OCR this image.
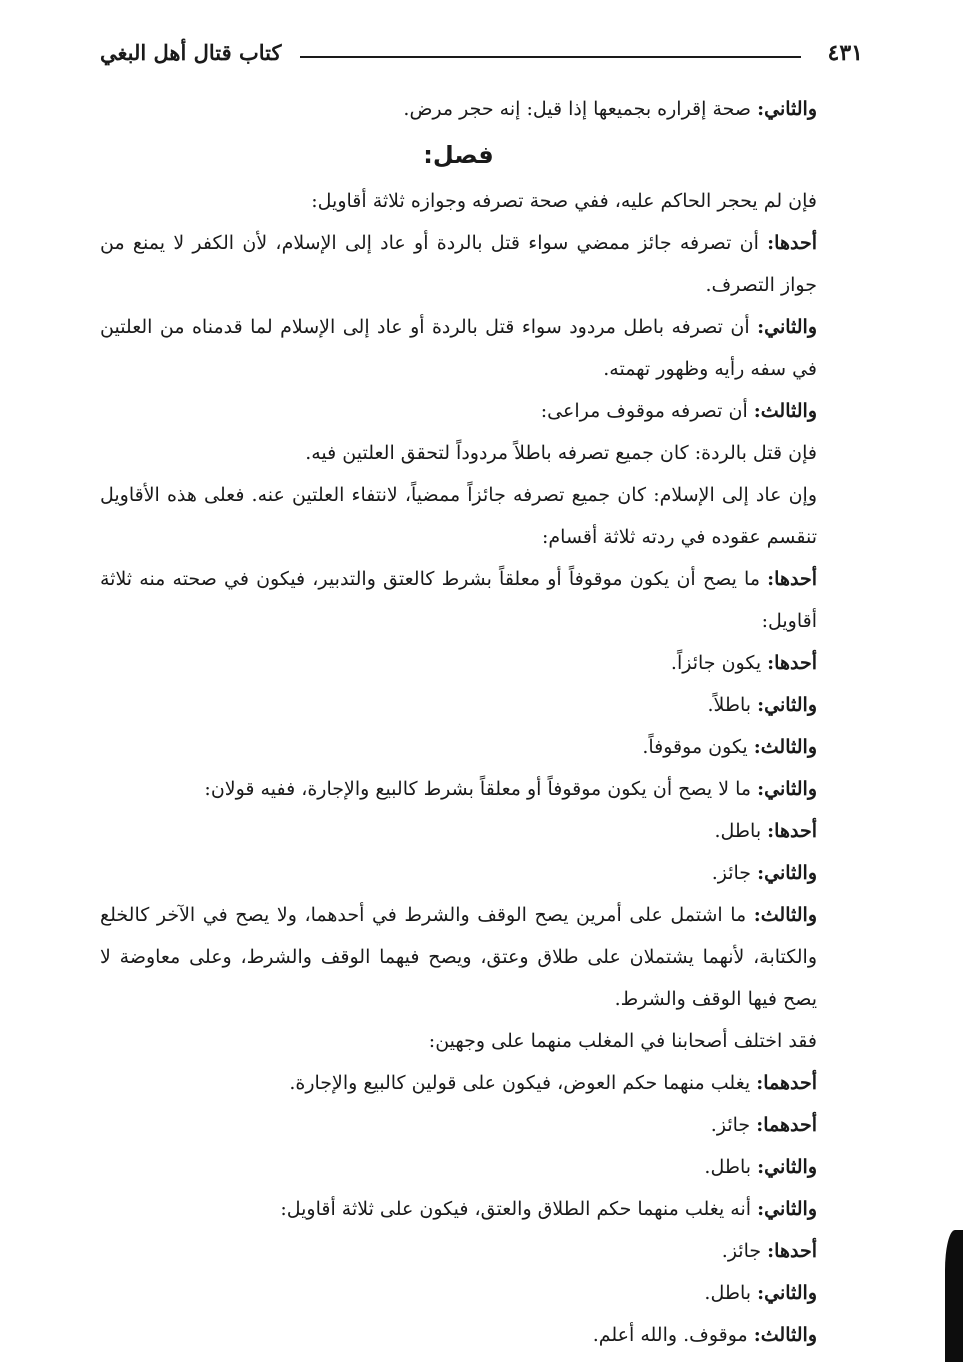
كتاب قتال أهل البغي	٤٣١

والثاني: صحة إقراره بجميعها إذا قيل: إنه حجر مرض.

فصل:

فإن لم يحجر الحاكم عليه، ففي صحة تصرفه وجوازه ثلاثة أقاويل:

أحدها: أن تصرفه جائز ممضي سواء قتل بالردة أو عاد إلى الإسلام، لأن الكفر لا يمنع من جواز التصرف.

والثاني: أن تصرفه باطل مردود سواء قتل بالردة أو عاد إلى الإسلام لما قدمناه من العلتين في سفه رأيه وظهور تهمته.

والثالث: أن تصرفه موقوف مراعى:

فإن قتل بالردة: كان جميع تصرفه باطلاً مردوداً لتحقق العلتين فيه.

وإن عاد إلى الإسلام: كان جميع تصرفه جائزاً ممضياً، لانتفاء العلتين عنه. فعلى هذه الأقاويل تنقسم عقوده في ردته ثلاثة أقسام:

أحدها: ما يصح أن يكون موقوفاً أو معلقاً بشرط كالعتق والتدبير، فيكون في صحته منه ثلاثة أقاويل:

أحدها: يكون جائزاً.

والثاني: باطلاً.

والثالث: يكون موقوفاً.

والثاني: ما لا يصح أن يكون موقوفاً أو معلقاً بشرط كالبيع والإجارة، ففيه قولان:

أحدها: باطل.

والثاني: جائز.

والثالث: ما اشتمل على أمرين يصح الوقف والشرط في أحدهما، ولا يصح في الآخر كالخلع والكتابة، لأنهما يشتملان على طلاق وعتق، ويصح فيهما الوقف والشرط، وعلى معاوضة لا يصح فيها الوقف والشرط.

فقد اختلف أصحابنا في المغلب منهما على وجهين:

أحدهما: يغلب منهما حكم العوض، فيكون على قولين كالبيع والإجارة.

أحدهما: جائز.

والثاني: باطل.

والثاني: أنه يغلب منهما حكم الطلاق والعتق، فيكون على ثلاثة أقاويل:

أحدها: جائز.

والثاني: باطل.

والثالث: موقوف. والله أعلم.
